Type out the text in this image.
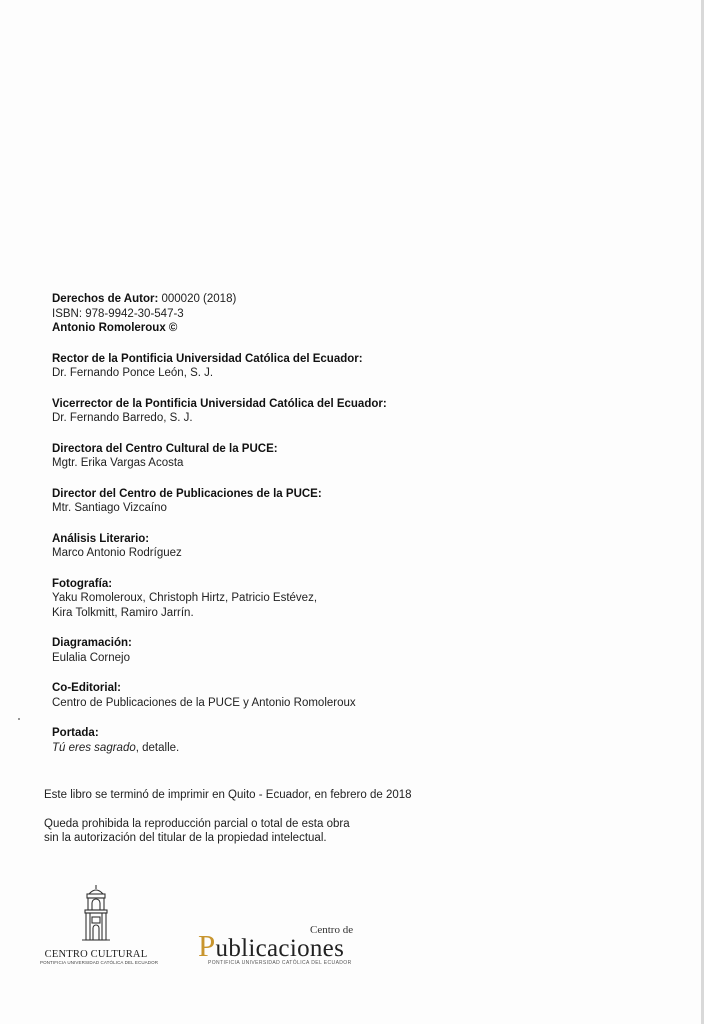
Derechos de Autor: 000020 (2018)
ISBN: 978-9942-30-547-3
Antonio Romoleroux ©

Rector de la Pontificia Universidad Católica del Ecuador:

Dr. Fernando Ponce León, S. J.

Vicerrector de la Pontificia Universidad Católica del Ecuador:

Dr. Fernando Barredo, S. J.

Directora del Centro Cultural de la PUCE:

Mgtr. Erika Vargas Acosta

Director del Centro de Publicaciones de la PUCE:

Mtr. Santiago Vizcaíno

Análisis Literario:

Marco Antonio Rodríguez

Fotografía:

Yaku Romoleroux, Christoph Hirtz, Patricio Estévez,

Kira Tolkmitt, Ramiro Jarrín.

Diagramación:

Eulalia Cornejo

Co-Editorial:

Centro de Publicaciones de la PUCE y Antonio Romoleroux

Portada:

Tú eres sagrado, detalle.

Este libro se terminó de imprimir en Quito - Ecuador, en febrero de 2018

Queda prohibida la reproducción parcial o total de esta obra

sin la autorización del titular de la propiedad intelectual.

CENTRO CULTURAL
PONTIFICIA UNIVERSIDAD CATÓLICA DEL ECUADOR
Centro de
Publicaciones
PONTIFICIA UNIVERSIDAD CATÓLICA DEL ECUADOR
